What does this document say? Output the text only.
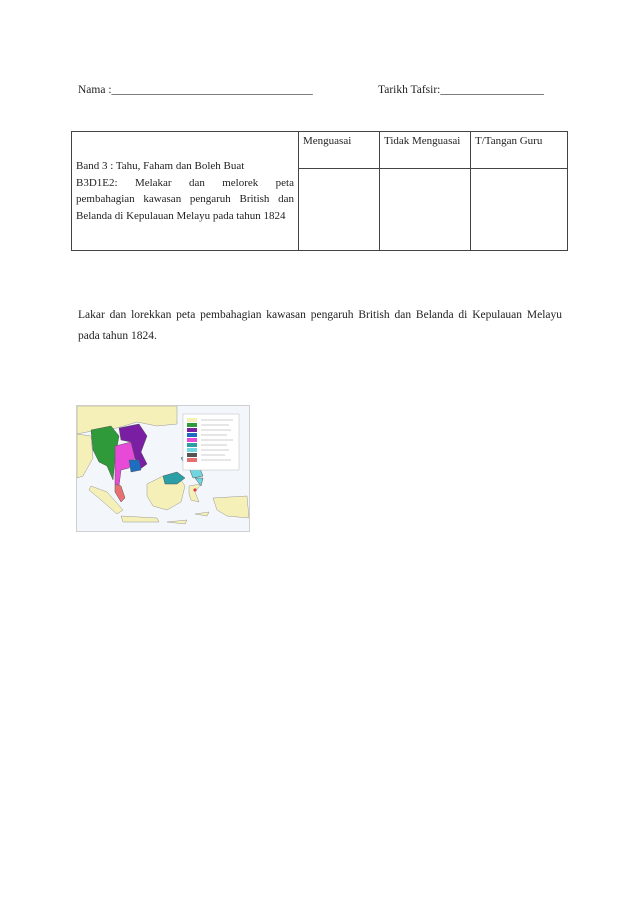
Nama :___________________________________	Tarikh Tafsir:__________________
Band 3 : Tahu, Faham dan Boleh Buat
B3D1E2: Melakar dan melorek peta pembahagian kawasan pengaruh British dan Belanda di Kepulauan Melayu pada tahun 1824	Menguasai	Tidak Menguasai	T/Tangan Guru

Lakar dan lorekkan peta pembahagian kawasan pengaruh British dan Belanda di Kepulauan Melayu pada tahun 1824.
